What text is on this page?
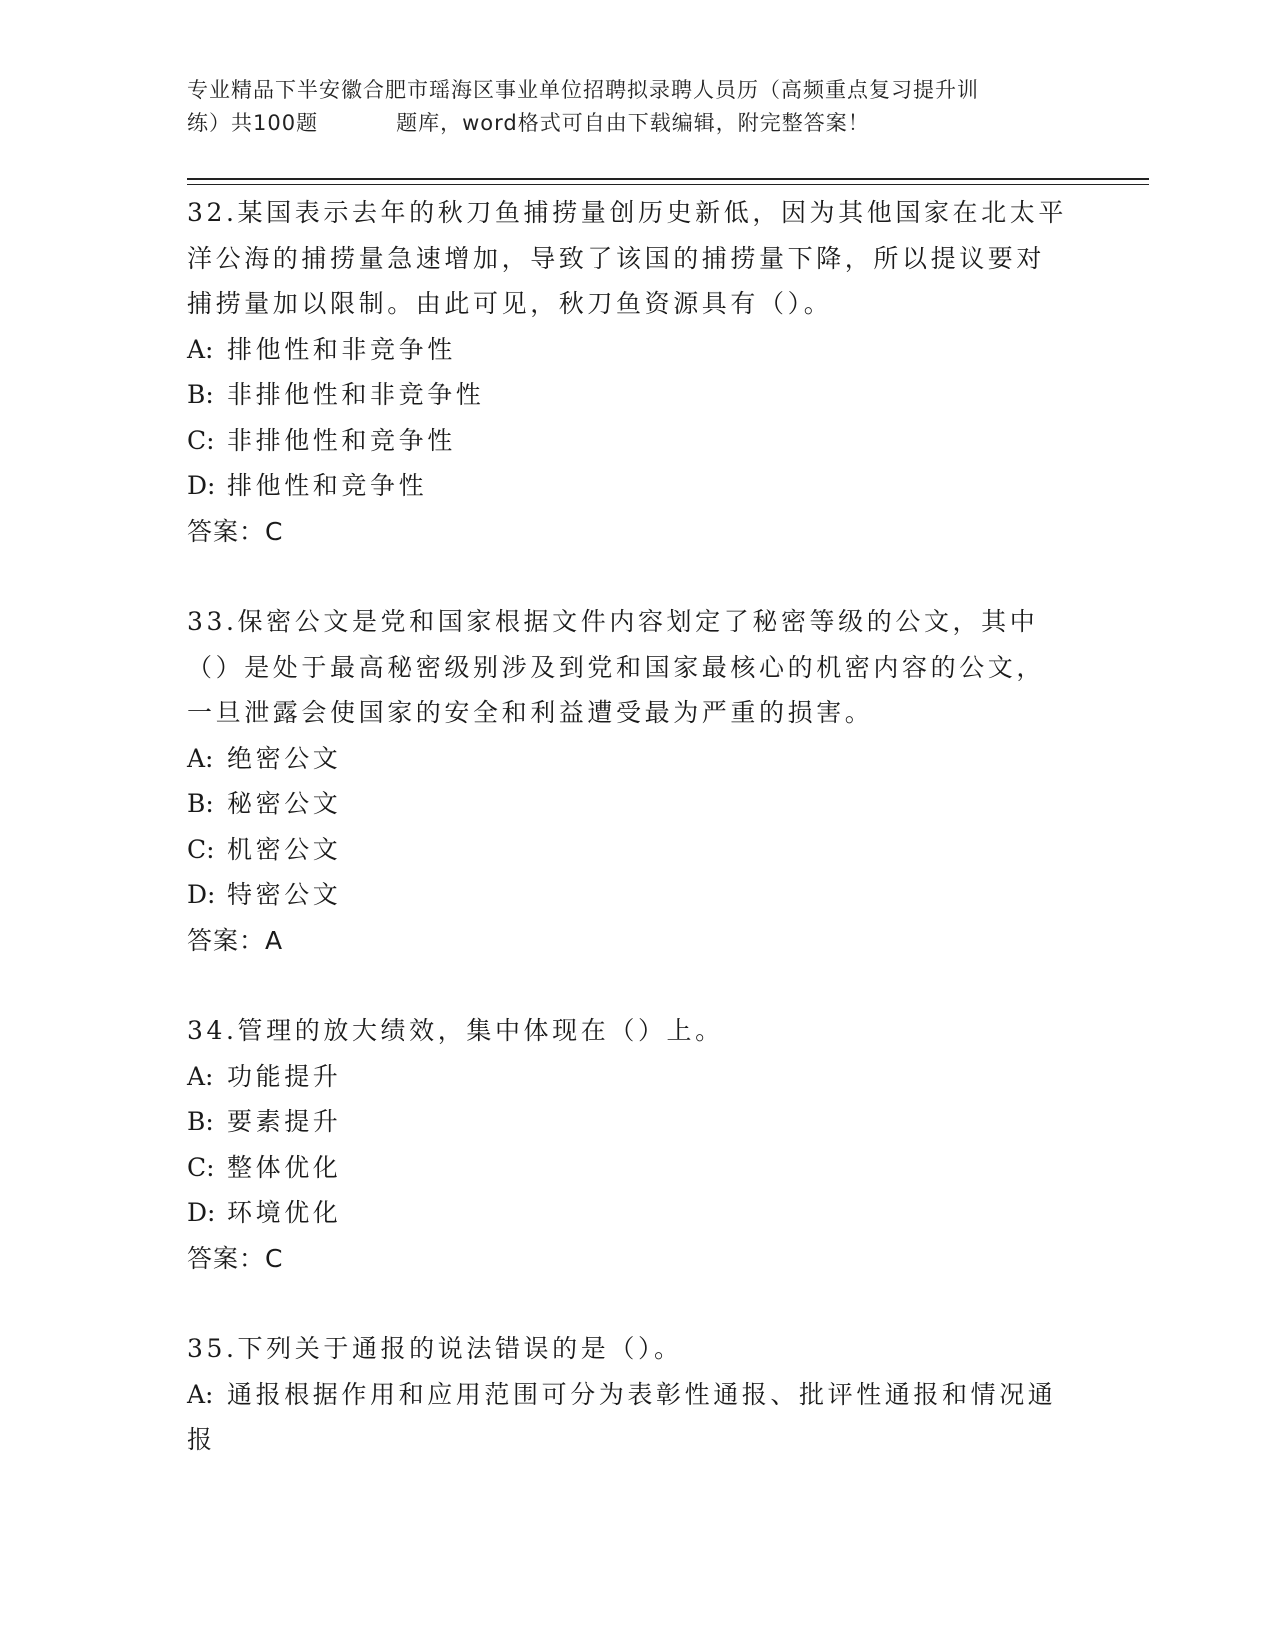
专业精品下半安徽合肥市瑶海区事业单位招聘拟录聘人员历（高频重点复习提升训
练）共100题	题库，word格式可自由下载编辑，附完整答案！

32.某国表示去年的秋刀鱼捕捞量创历史新低，因为其他国家在北太平洋公海的捕捞量急速增加，导致了该国的捕捞量下降，所以提议要对捕捞量加以限制。由此可见，秋刀鱼资源具有（）。

A: 排他性和非竞争性

B: 非排他性和非竞争性

C: 非排他性和竞争性

D: 排他性和竞争性

答案：C

33.保密公文是党和国家根据文件内容划定了秘密等级的公文，其中（）是处于最高秘密级别涉及到党和国家最核心的机密内容的公文，一旦泄露会使国家的安全和利益遭受最为严重的损害。

A: 绝密公文

B: 秘密公文

C: 机密公文

D: 特密公文

答案：A

34.管理的放大绩效，集中体现在（）上。

A: 功能提升

B: 要素提升

C: 整体优化

D: 环境优化

答案：C

35.下列关于通报的说法错误的是（）。

A: 通报根据作用和应用范围可分为表彰性通报、批评性通报和情况通报
